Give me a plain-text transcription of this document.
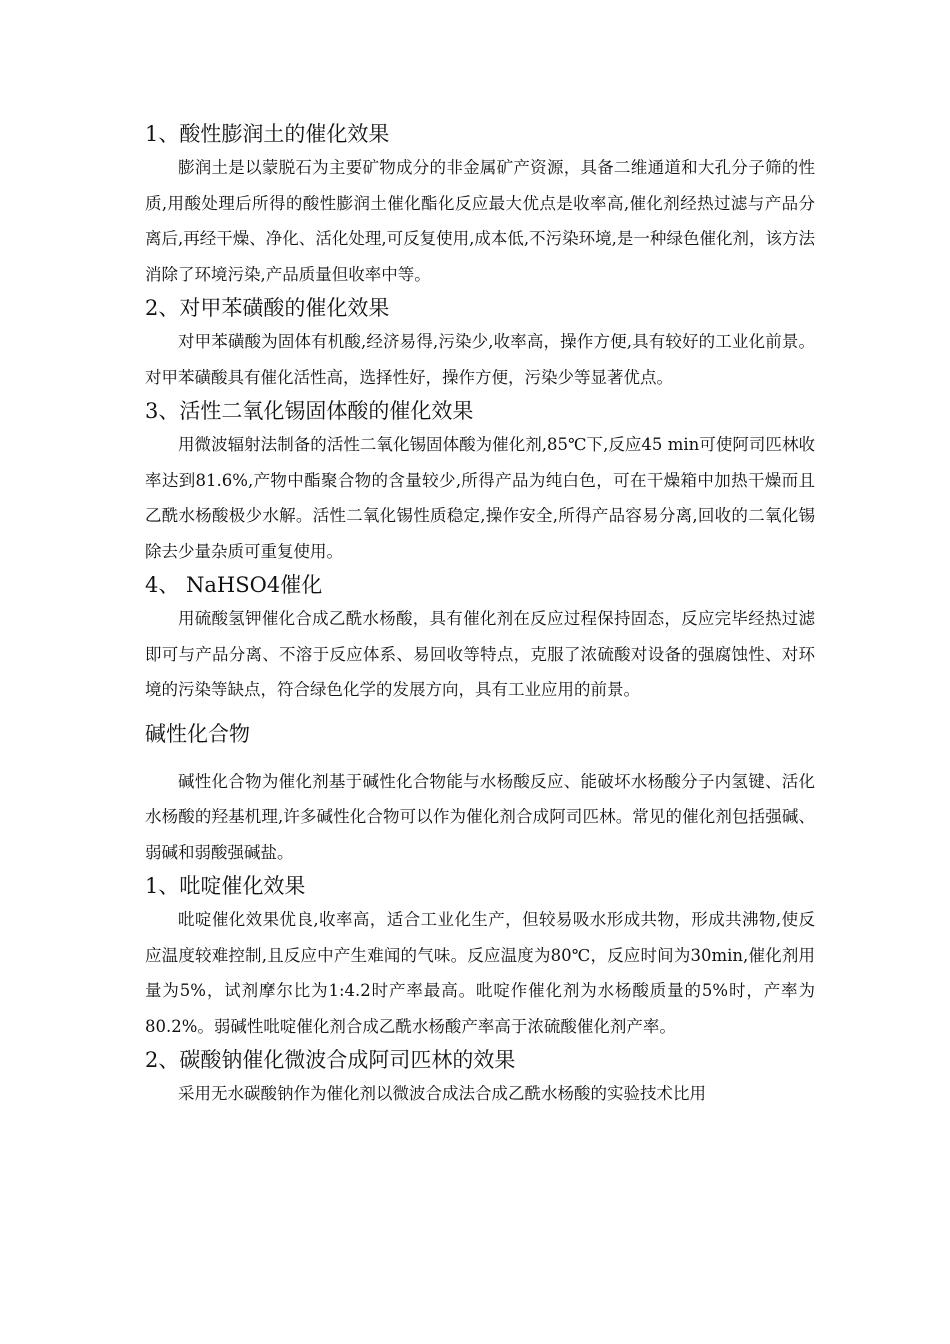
1、酸性膨润土的催化效果

膨润土是以蒙脱石为主要矿物成分的非金属矿产资源，具备二维通道和大孔分子筛的性质,用酸处理后所得的酸性膨润土催化酯化反应最大优点是收率高,催化剂经热过滤与产品分离后,再经干燥、净化、活化处理,可反复使用,成本低,不污染环境,是一种绿色催化剂，该方法消除了环境污染,产品质量但收率中等。

2、对甲苯磺酸的催化效果

对甲苯磺酸为固体有机酸,经济易得,污染少,收率高，操作方便,具有较好的工业化前景。对甲苯磺酸具有催化活性高，选择性好，操作方便，污染少等显著优点。

3、活性二氧化锡固体酸的催化效果

用微波辐射法制备的活性二氧化锡固体酸为催化剂,85℃下,反应45 min可使阿司匹林收率达到81.6%,产物中酯聚合物的含量较少,所得产品为纯白色，可在干燥箱中加热干燥而且乙酰水杨酸极少水解。活性二氧化锡性质稳定,操作安全,所得产品容易分离,回收的二氧化锡除去少量杂质可重复使用。

4、 NaHSO4催化

用硫酸氢钾催化合成乙酰水杨酸，具有催化剂在反应过程保持固态，反应完毕经热过滤即可与产品分离、不溶于反应体系、易回收等特点，克服了浓硫酸对设备的强腐蚀性、对环境的污染等缺点，符合绿色化学的发展方向，具有工业应用的前景。

碱性化合物

碱性化合物为催化剂基于碱性化合物能与水杨酸反应、能破坏水杨酸分子内氢键、活化水杨酸的羟基机理,许多碱性化合物可以作为催化剂合成阿司匹林。常见的催化剂包括强碱、弱碱和弱酸强碱盐。

1、吡啶催化效果

吡啶催化效果优良,收率高，适合工业化生产，但较易吸水形成共物，形成共沸物,使反应温度较难控制,且反应中产生难闻的气味。反应温度为80℃，反应时间为30min,催化剂用量为5%，试剂摩尔比为1:4.2时产率最高。吡啶作催化剂为水杨酸质量的5%时，产率为80.2%。弱碱性吡啶催化剂合成乙酰水杨酸产率高于浓硫酸催化剂产率。

2、碳酸钠催化微波合成阿司匹林的效果

采用无水碳酸钠作为催化剂以微波合成法合成乙酰水杨酸的实验技术比用
